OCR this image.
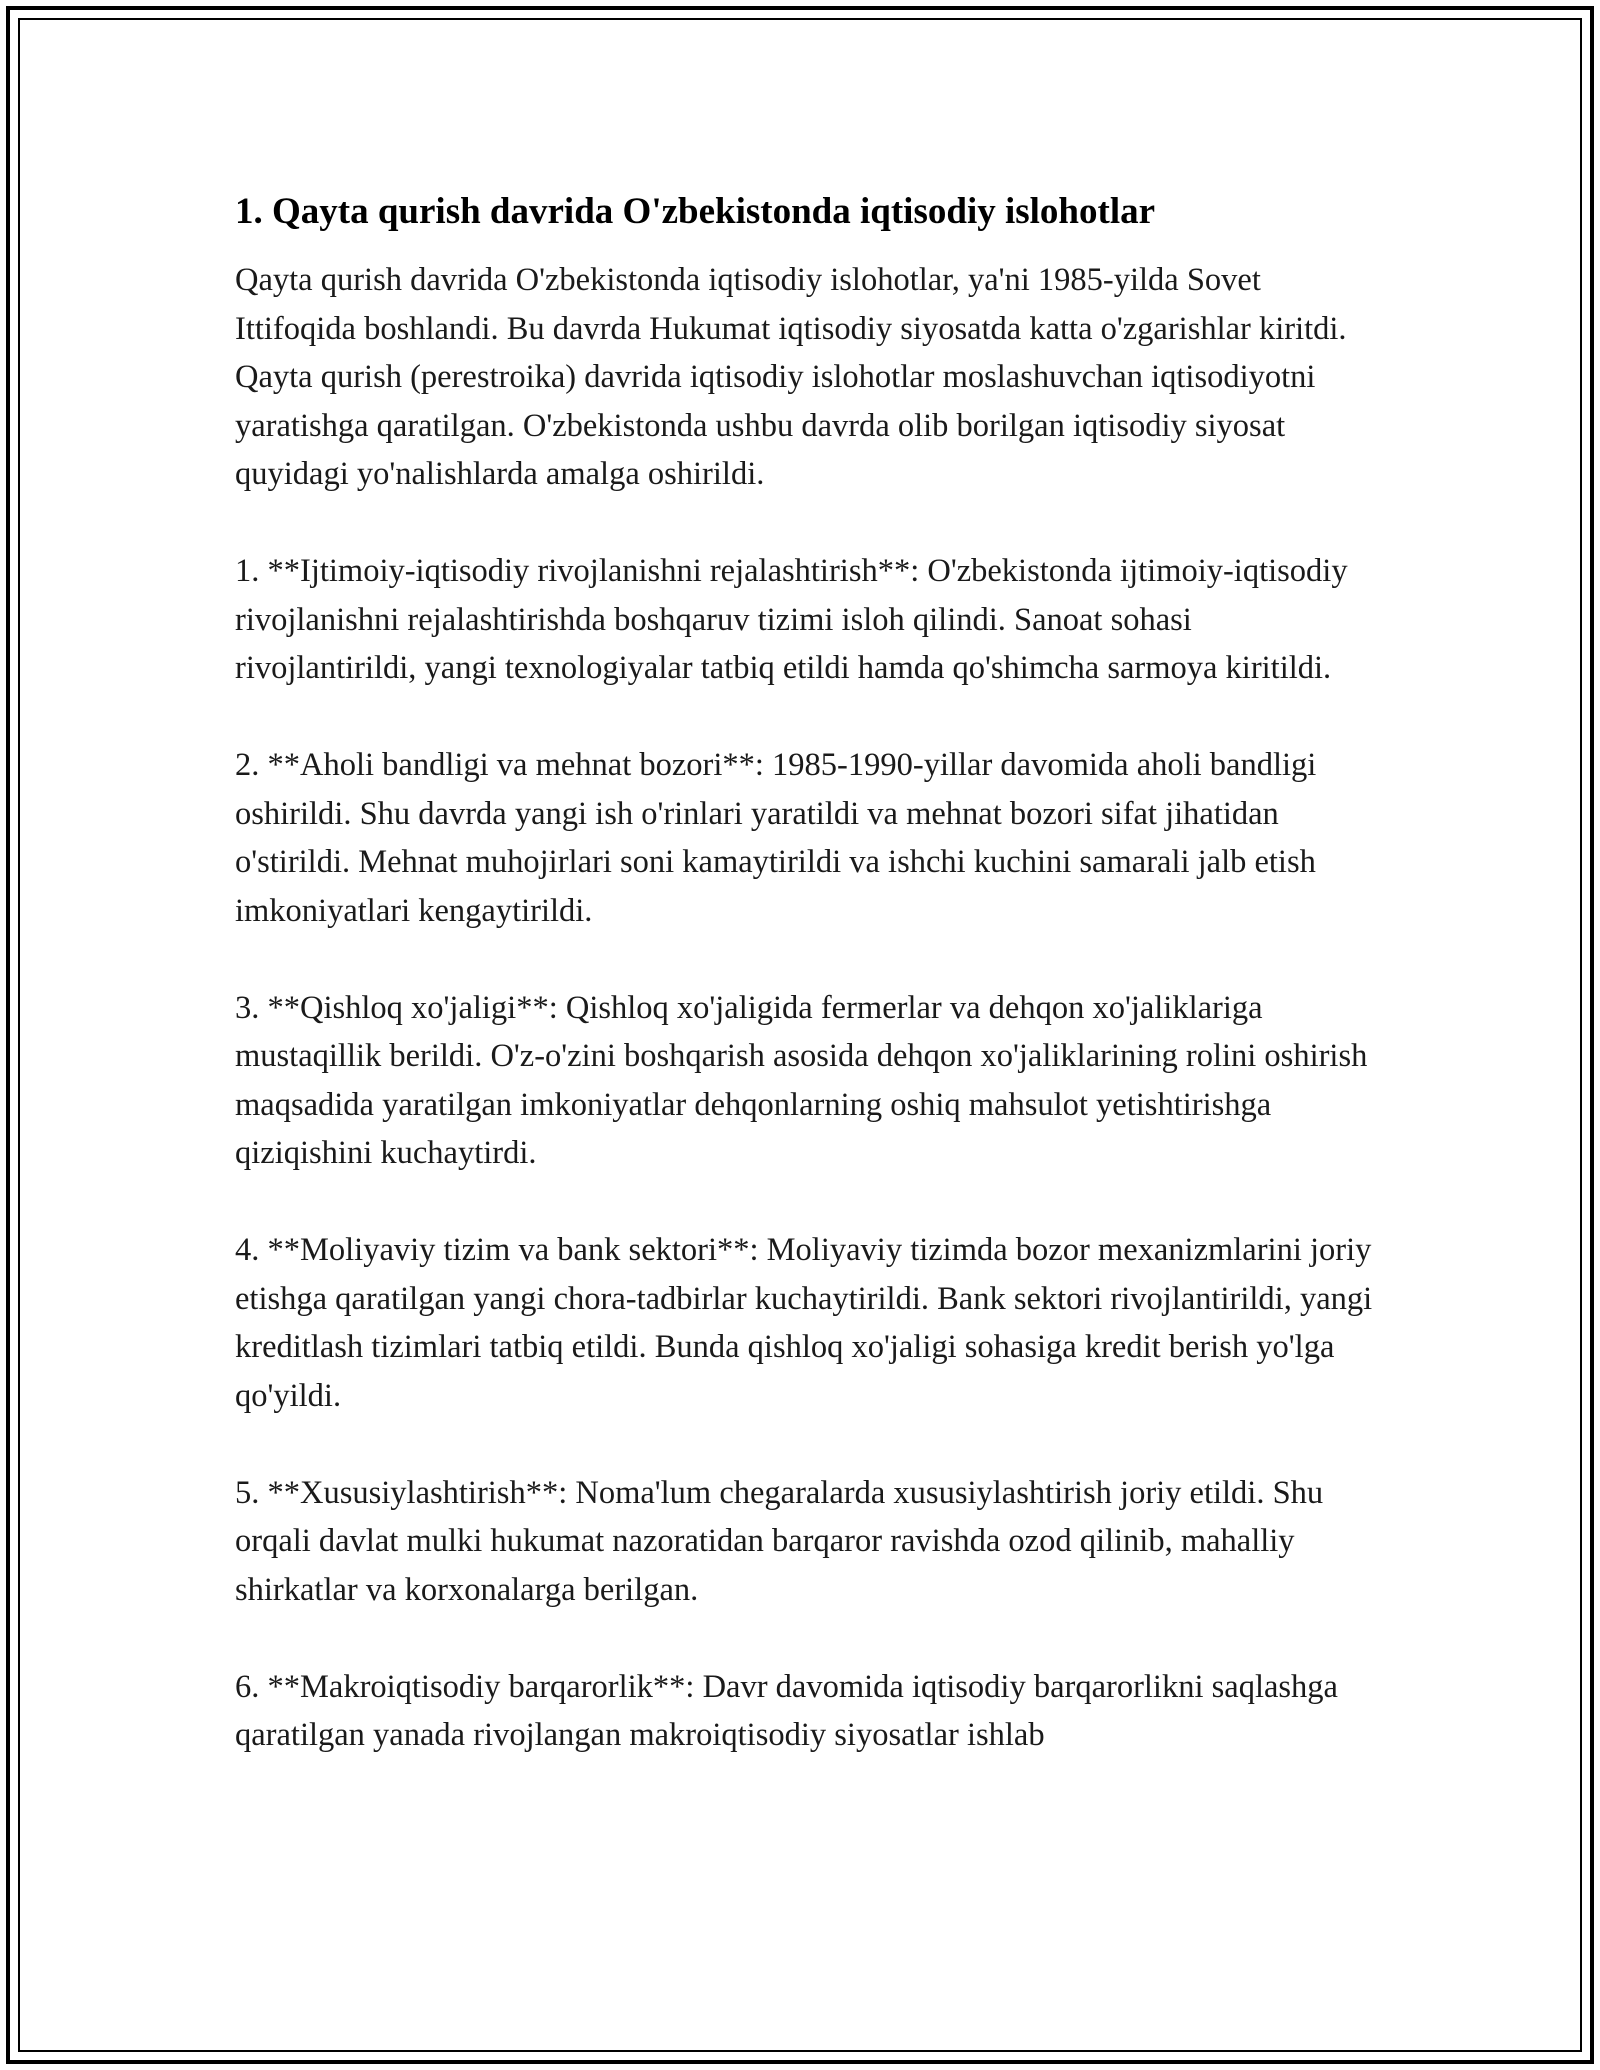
1. Qayta qurish davrida O'zbekistonda iqtisodiy islohotlar

Qayta qurish davrida O'zbekistonda iqtisodiy islohotlar, ya'ni 1985-yilda Sovet Ittifoqida boshlandi. Bu davrda Hukumat iqtisodiy siyosatda katta o'zgarishlar kiritdi. Qayta qurish (perestroika) davrida iqtisodiy islohotlar moslashuvchan iqtisodiyotni yaratishga qaratilgan. O'zbekistonda ushbu davrda olib borilgan iqtisodiy siyosat quyidagi yo'nalishlarda amalga oshirildi.

1. **Ijtimoiy-iqtisodiy rivojlanishni rejalashtirish**: O'zbekistonda ijtimoiy-iqtisodiy rivojlanishni rejalashtirishda boshqaruv tizimi isloh qilindi. Sanoat sohasi rivojlantirildi, yangi texnologiyalar tatbiq etildi hamda qo'shimcha sarmoya kiritildi.

2. **Aholi bandligi va mehnat bozori**: 1985-1990-yillar davomida aholi bandligi oshirildi. Shu davrda yangi ish o'rinlari yaratildi va mehnat bozori sifat jihatidan o'stirildi. Mehnat muhojirlari soni kamaytirildi va ishchi kuchini samarali jalb etish imkoniyatlari kengaytirildi.

3. **Qishloq xo'jaligi**: Qishloq xo'jaligida fermerlar va dehqon xo'jaliklariga mustaqillik berildi. O'z-o'zini boshqarish asosida dehqon xo'jaliklarining rolini oshirish maqsadida yaratilgan imkoniyatlar dehqonlarning oshiq mahsulot yetishtirishga qiziqishini kuchaytirdi.

4. **Moliyaviy tizim va bank sektori**: Moliyaviy tizimda bozor mexanizmlarini joriy etishga qaratilgan yangi chora-tadbirlar kuchaytirildi. Bank sektori rivojlantirildi, yangi kreditlash tizimlari tatbiq etildi. Bunda qishloq xo'jaligi sohasiga kredit berish yo'lga qo'yildi.

5. **Xususiylashtirish**: Noma'lum chegaralarda xususiylashtirish joriy etildi. Shu orqali davlat mulki hukumat nazoratidan barqaror ravishda ozod qilinib, mahalliy shirkatlar va korxonalarga berilgan.

6. **Makroiqtisodiy barqarorlik**: Davr davomida iqtisodiy barqarorlikni saqlashga qaratilgan yanada rivojlangan makroiqtisodiy siyosatlar ishlab
